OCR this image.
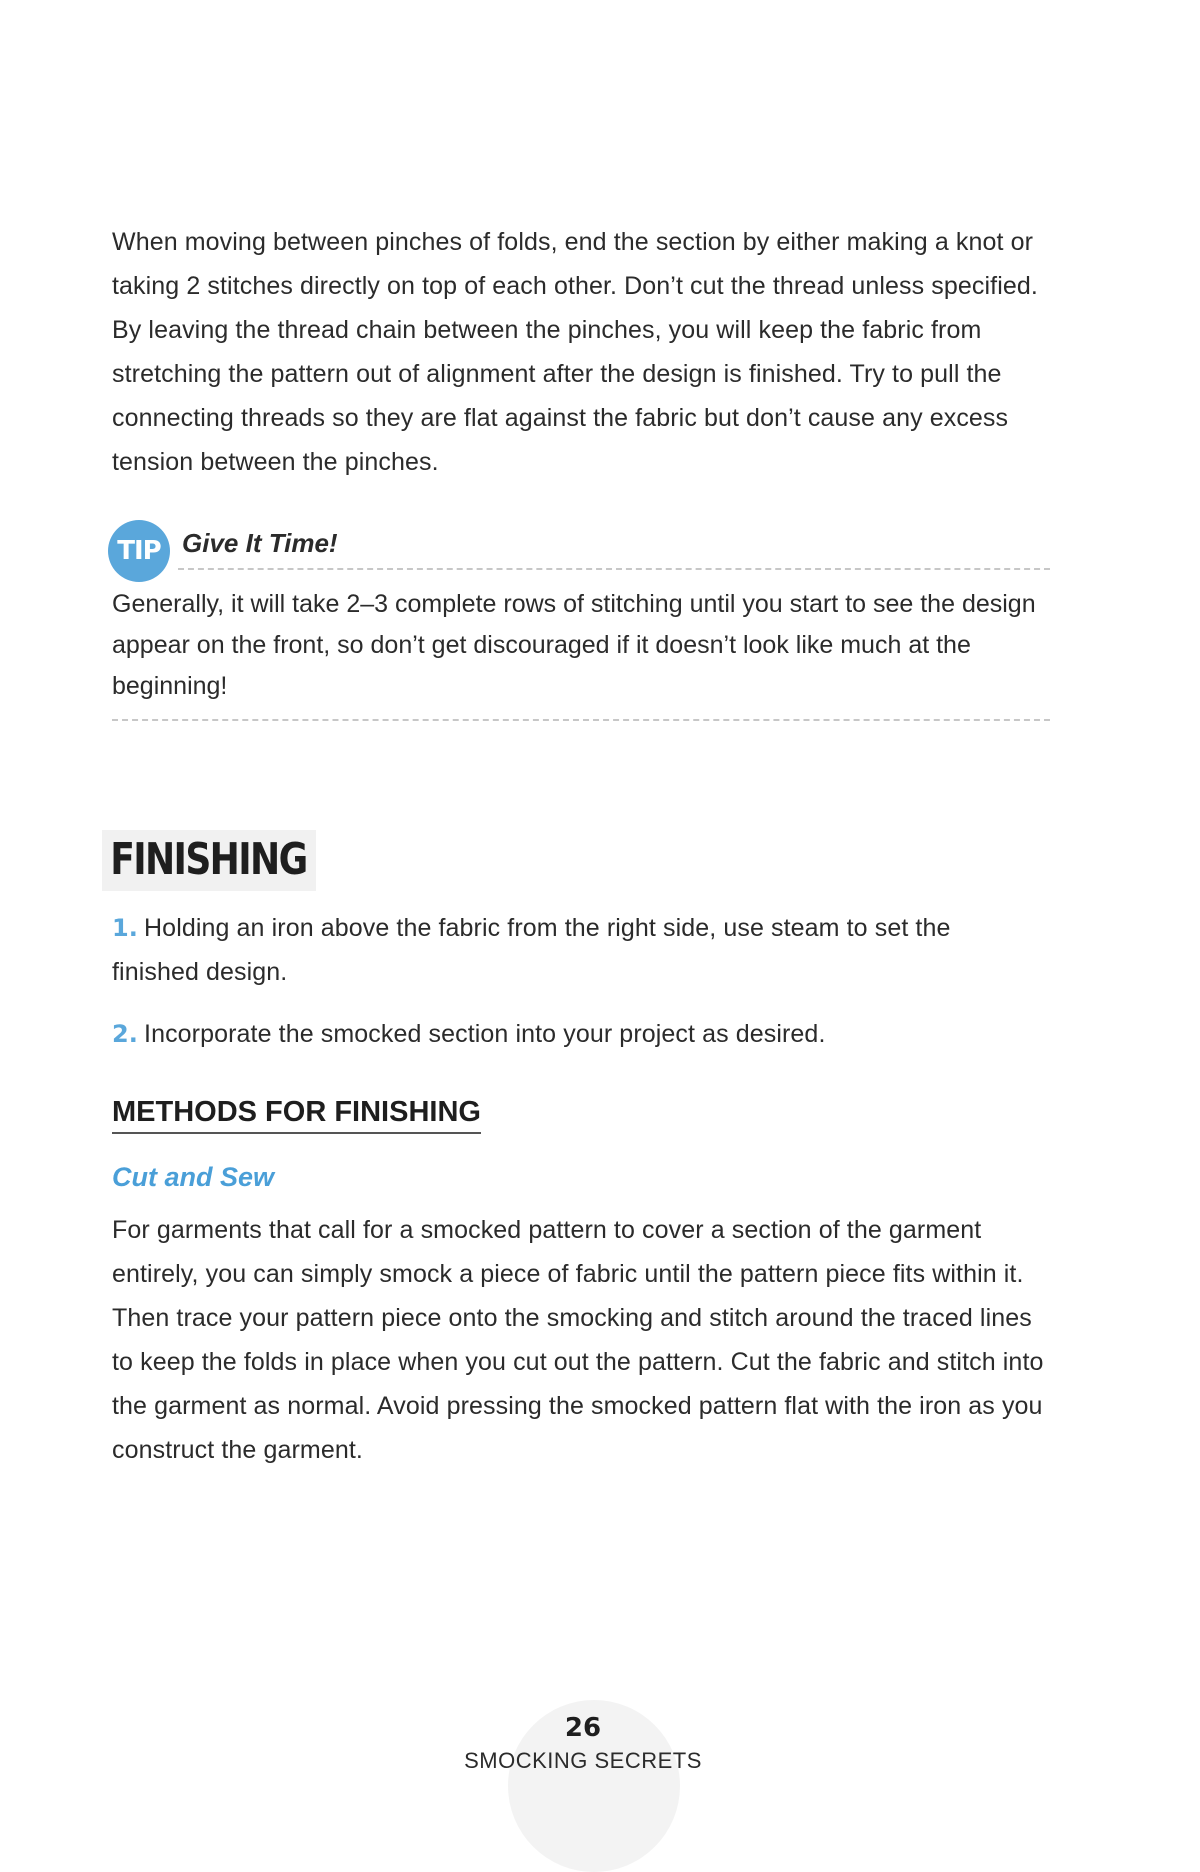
When moving between pinches of folds, end the section by either making a knot or taking 2 stitches directly on top of each other. Don’t cut the thread unless specified. By leaving the thread chain between the pinches, you will keep the fabric from stretching the pattern out of alignment after the design is finished. Try to pull the connecting threads so they are flat against the fabric but don’t cause any excess tension between the pinches.

TIP Give It Time!
Generally, it will take 2–3 complete rows of stitching until you start to see the design appear on the front, so don’t get discouraged if it doesn’t look like much at the beginning!
FINISHING
1. Holding an iron above the fabric from the right side, use steam to set the finished design.
2. Incorporate the smocked section into your project as desired.
METHODS FOR FINISHING
Cut and Sew

For garments that call for a smocked pattern to cover a section of the garment entirely, you can simply smock a piece of fabric until the pattern piece fits within it. Then trace your pattern piece onto the smocking and stitch around the traced lines to keep the folds in place when you cut out the pattern. Cut the fabric and stitch into the garment as normal. Avoid pressing the smocked pattern flat with the iron as you construct the garment.

26
SMOCKING SECRETS
